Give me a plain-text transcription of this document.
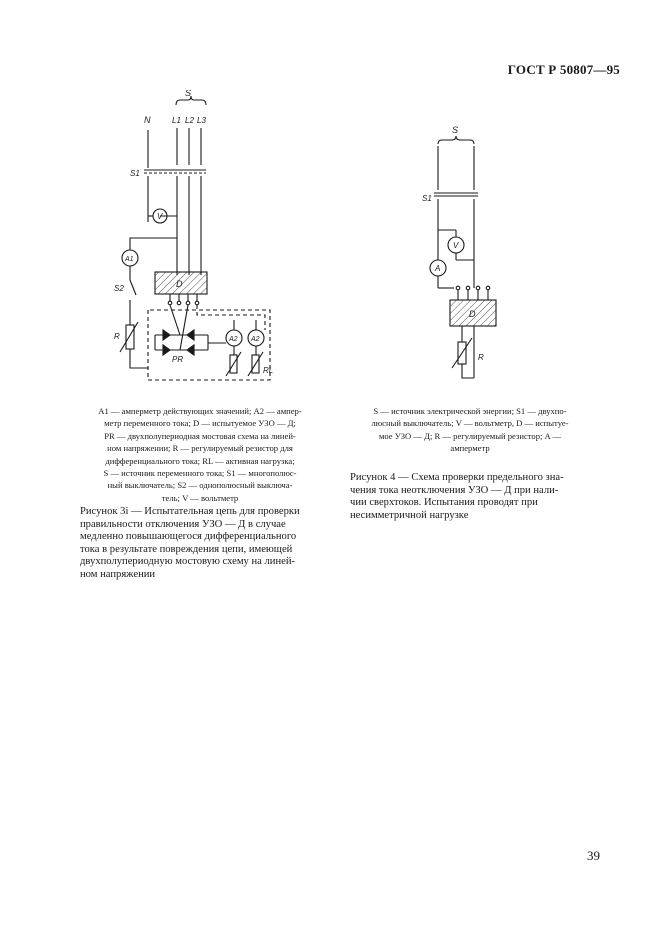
ГОСТ Р 50807—95
S
N	L1 L2 L3
S1
V
A1
D
S2
R
PR
A2 A2
RL
S
S1
V
A
D
R

A1 — амперметр действующих значений; A2 — ампер-

метр переменного тока; D — испытуемое УЗО — Д;

PR — двухполупериодная мостовая схема на линей-

ном напряжении; R — регулируемый резистор для

дифференциального тока; RL — активная нагрузка;

S — источник переменного тока; S1 — многополюс-

ный выключатель; S2 — однополюсный выключа-

тель; V — вольтметр

S — источник электрической энергии; S1 — двухпо-

люсный выключатель; V — вольтметр, D — испытуе-

мое УЗО — Д; R — регулируемый резистор; A —

амперметр

Рисунок 3i — Испытательная цепь для проверки
правильности отключения УЗО — Д в случае
медленно повышающегося дифференциального
тока в результате повреждения цепи, имеющей
двухполупериодную мостовую схему на линей-
ном напряжении
Рисунок 4 — Схема проверки предельного зна-
чения тока неотключения УЗО — Д при нали-
чии сверхтоков. Испытания проводят при
несимметричной нагрузке
39
